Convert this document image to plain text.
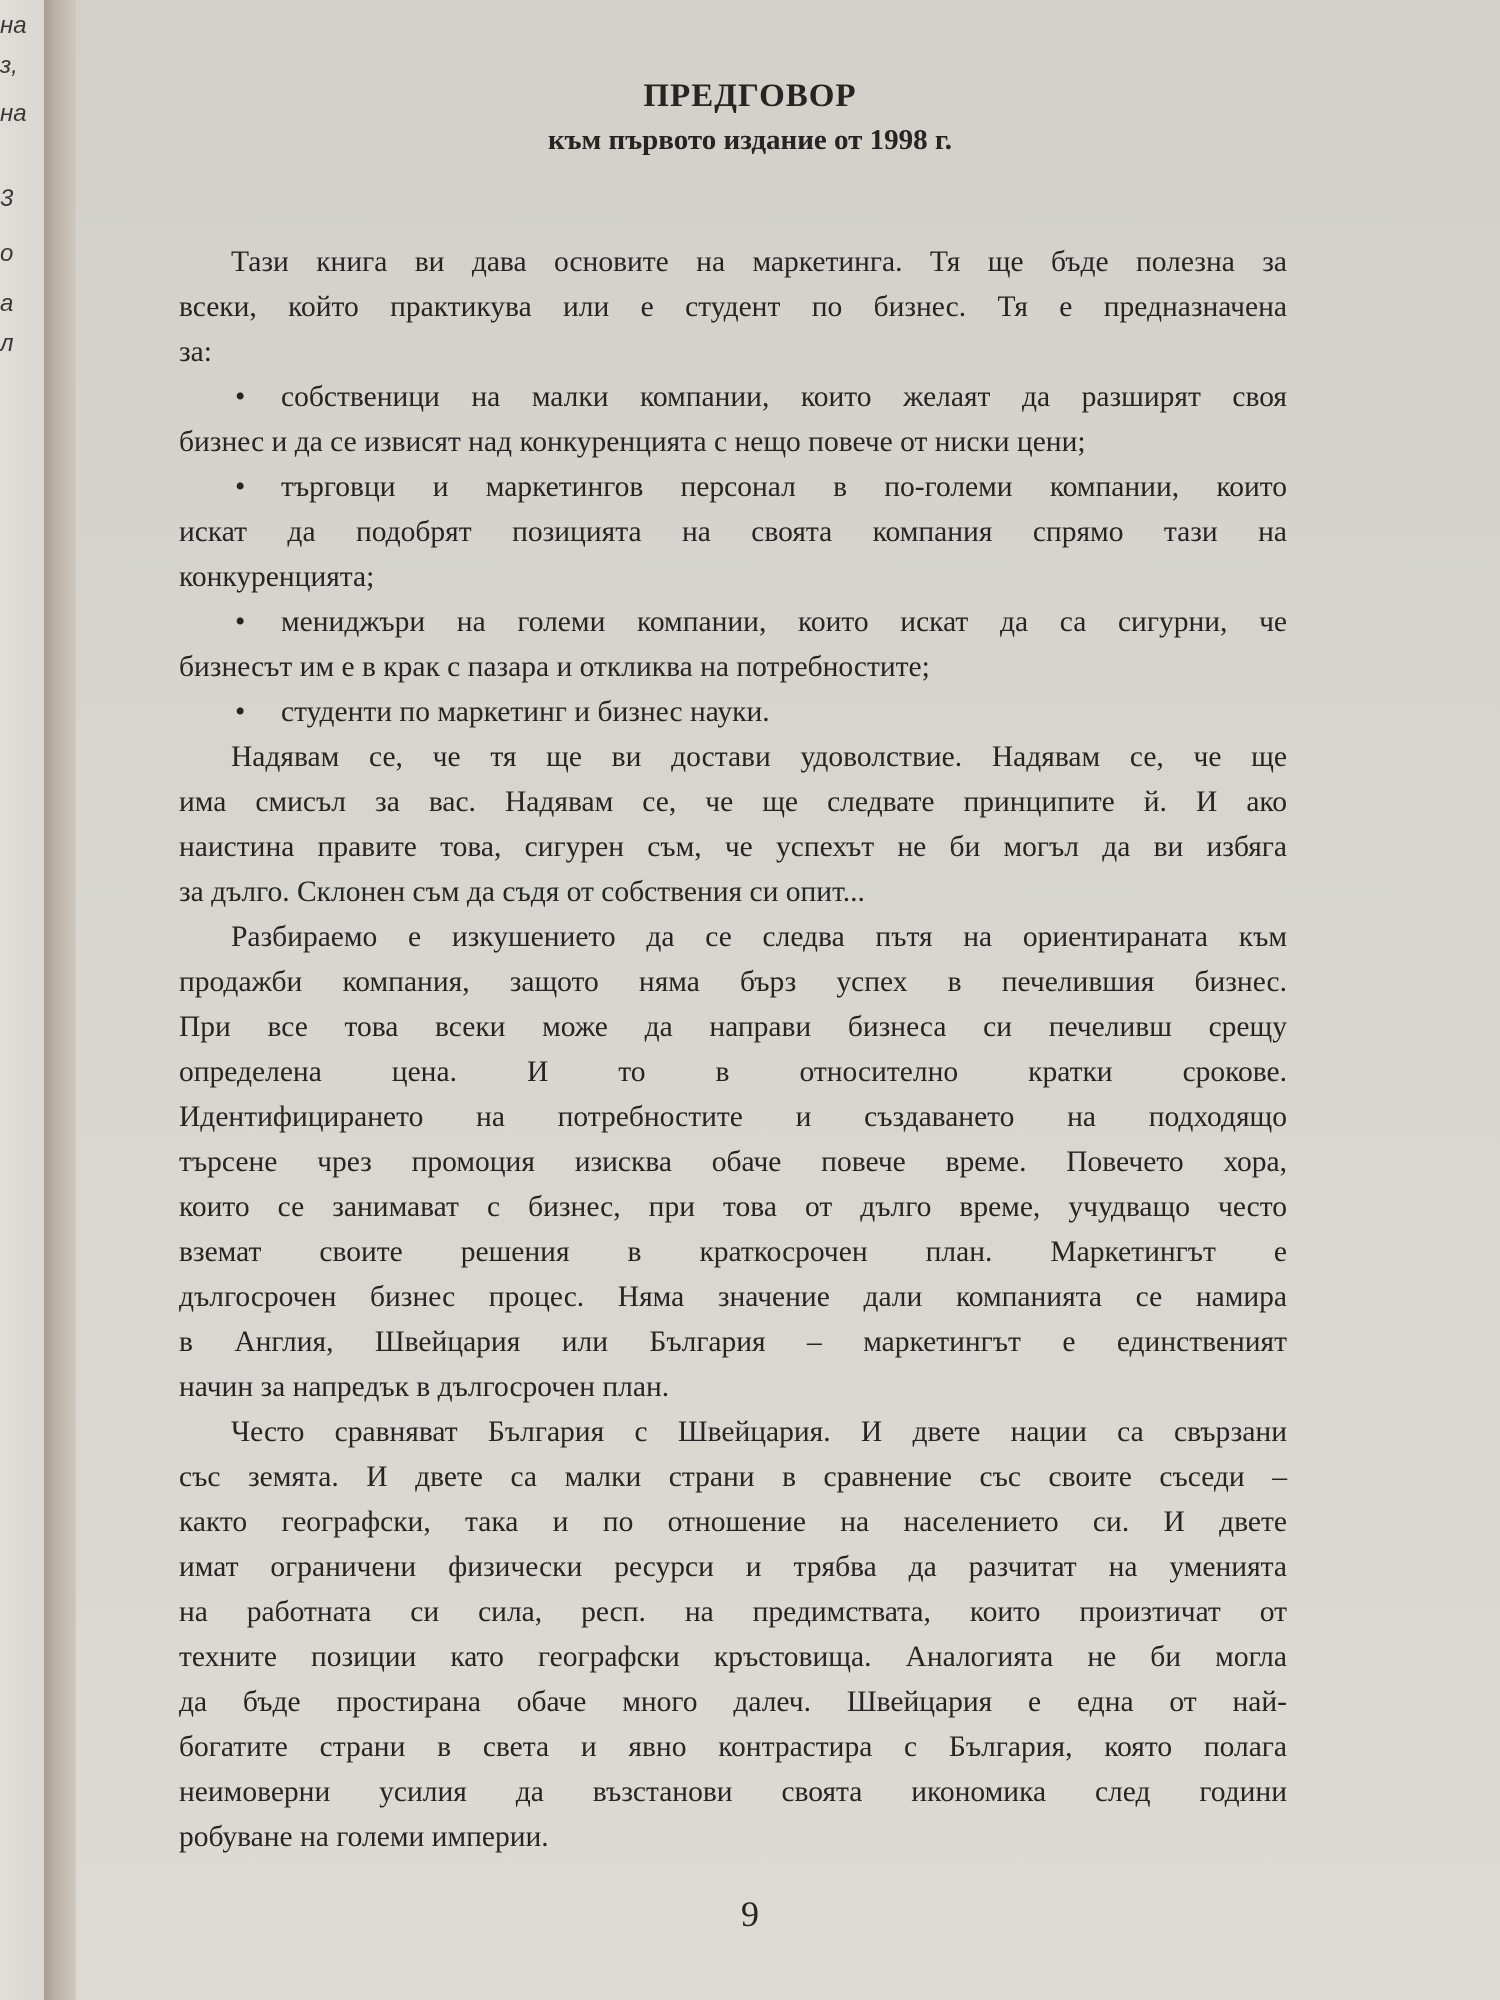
на
з,
на
3
о
а
л
ПРЕДГОВОР
към първото издание от 1998 г.
Тази книга ви дава основите на маркетинга. Тя ще бъде полезна за
всеки, който практикува или е студент по бизнес. Тя е предназначена
за:
• собственици на малки компании, които желаят да разширят своя
бизнес и да се извисят над конкуренцията с нещо повече от ниски цени;
• търговци и маркетингов персонал в по-големи компании, които
искат да подобрят позицията на своята компания спрямо тази на
конкуренцията;
• мениджъри на големи компании, които искат да са сигурни, че
бизнесът им е в крак с пазара и откликва на потребностите;
• студенти по маркетинг и бизнес науки.
Надявам се, че тя ще ви достави удоволствие. Надявам се, че ще
има смисъл за вас. Надявам се, че ще следвате принципите й. И ако
наистина правите това, сигурен съм, че успехът не би могъл да ви избяга
за дълго. Склонен съм да съдя от собствения си опит...
Разбираемо е изкушението да се следва пътя на ориентираната към
продажби компания, защото няма бърз успех в печелившия бизнес.
При все това всеки може да направи бизнеса си печеливш срещу
определена цена. И то в относително кратки срокове.
Идентифицирането на потребностите и създаването на подходящо
търсене чрез промоция изисква обаче повече време. Повечето хора,
които се занимават с бизнес, при това от дълго време, учудващо често
вземат своите решения в краткосрочен план. Маркетингът е
дългосрочен бизнес процес. Няма значение дали компанията се намира
в Англия, Швейцария или България – маркетингът е единственият
начин за напредък в дългосрочен план.
Често сравняват България с Швейцария. И двете нации са свързани
със земята. И двете са малки страни в сравнение със своите съседи –
както географски, така и по отношение на населението си. И двете
имат ограничени физически ресурси и трябва да разчитат на уменията
на работната си сила, респ. на предимствата, които произтичат от
техните позиции като географски кръстовища. Аналогията не би могла
да бъде простирана обаче много далеч. Швейцария е една от най-
богатите страни в света и явно контрастира с България, която полага
неимоверни усилия да възстанови своята икономика след години
робуване на големи империи.
9
